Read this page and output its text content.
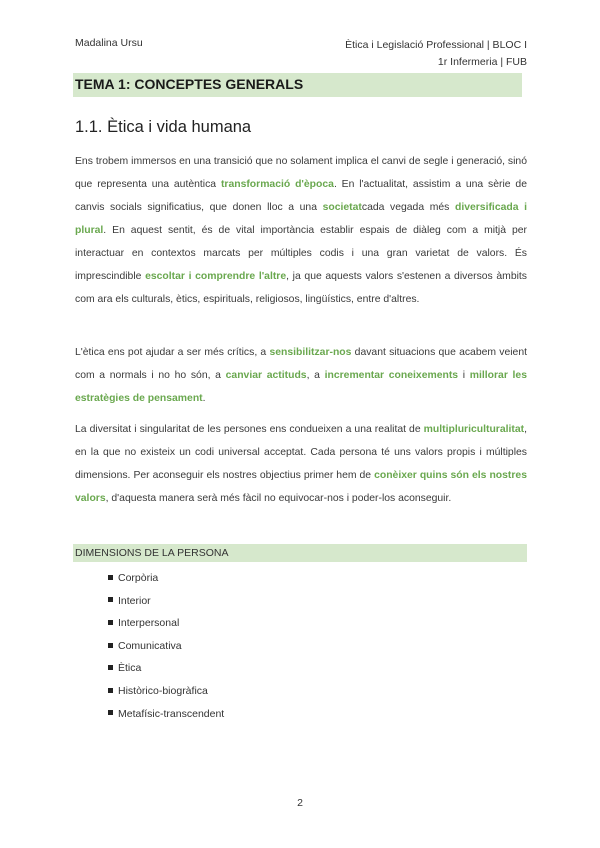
Madalina Ursu	Ètica i Legislació Professional | BLOC I
1r Infermeria | FUB
TEMA 1: CONCEPTES GENERALS
1.1. Ètica i vida humana

Ens trobem immersos en una transició que no solament implica el canvi de segle i generació, sinó que representa una autèntica transformació d'època. En l'actualitat, assistim a una sèrie de canvis socials significatius, que donen lloc a una societatcada vegada més diversificada i plural. En aquest sentit, és de vital importància establir espais de diàleg com a mitjà per interactuar en contextos marcats per múltiples codis i una gran varietat de valors. És imprescindible escoltar i comprendre l'altre, ja que aquests valors s'estenen a diversos àmbits com ara els culturals, ètics, espirituals, religiosos, lingüístics, entre d'altres.

L'ètica ens pot ajudar a ser més crítics, a sensibilitzar-nos davant situacions que acabem veient com a normals i no ho són, a canviar actituds, a incrementar coneixements i millorar les estratègies de pensament.

La diversitat i singularitat de les persones ens condueixen a una realitat de multipluriculturalitat, en la que no existeix un codi universal acceptat. Cada persona té uns valors propis i múltiples dimensions. Per aconseguir els nostres objectius primer hem de conèixer quins són els nostres valors, d'aquesta manera serà més fàcil no equivocar-nos i poder-los aconseguir.

DIMENSIONS DE LA PERSONA
Corpòria
Interior
Interpersonal
Comunicativa
Ètica
Històrico-biogràfica
Metafísic-transcendent
2
